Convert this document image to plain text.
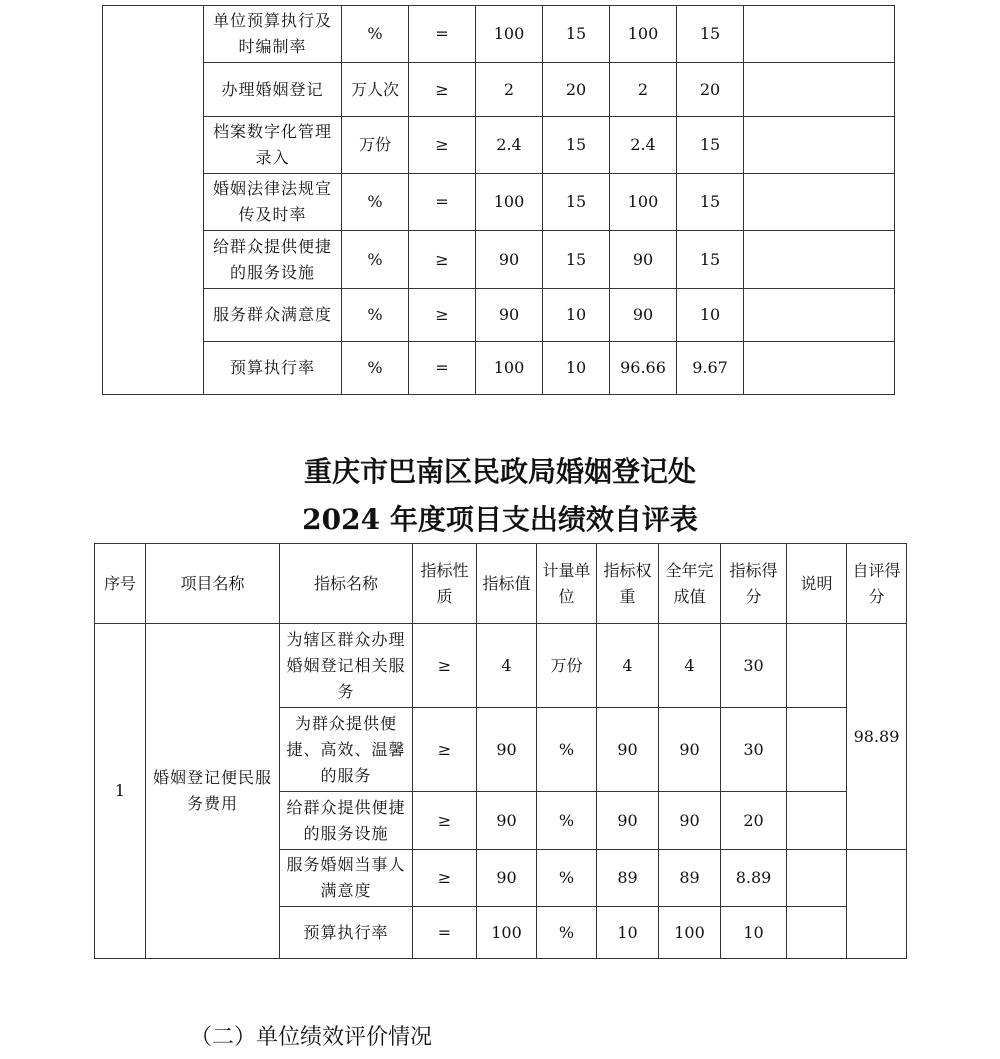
	单位预算执行及时编制率	%	=	100	15	100	15	
	办理婚姻登记	万人次	≥	2	20	2	20	
	档案数字化管理录入	万份	≥	2.4	15	2.4	15	
	婚姻法律法规宣传及时率	%	=	100	15	100	15	
	给群众提供便捷的服务设施	%	≥	90	15	90	15	
	服务群众满意度	%	≥	90	10	90	10	
	预算执行率	%	=	100	10	96.66	9.67	
重庆市巴南区民政局婚姻登记处
2024 年度项目支出绩效自评表
序号	项目名称	指标名称	指标性质	指标值	计量单位	指标权重	全年完成值	指标得分	说明	自评得分
1	婚姻登记便民服务费用	为辖区群众办理婚姻登记相关服务	≥	4	万份	4	4	30		98.89
		为群众提供便捷、高效、温馨的服务	≥	90	%	90	90	30		
		给群众提供便捷的服务设施	≥	90	%	90	90	20		
		服务婚姻当事人满意度	≥	90	%	89	89	8.89		
		预算执行率	=	100	%	10	100	10		
（二）单位绩效评价情况
